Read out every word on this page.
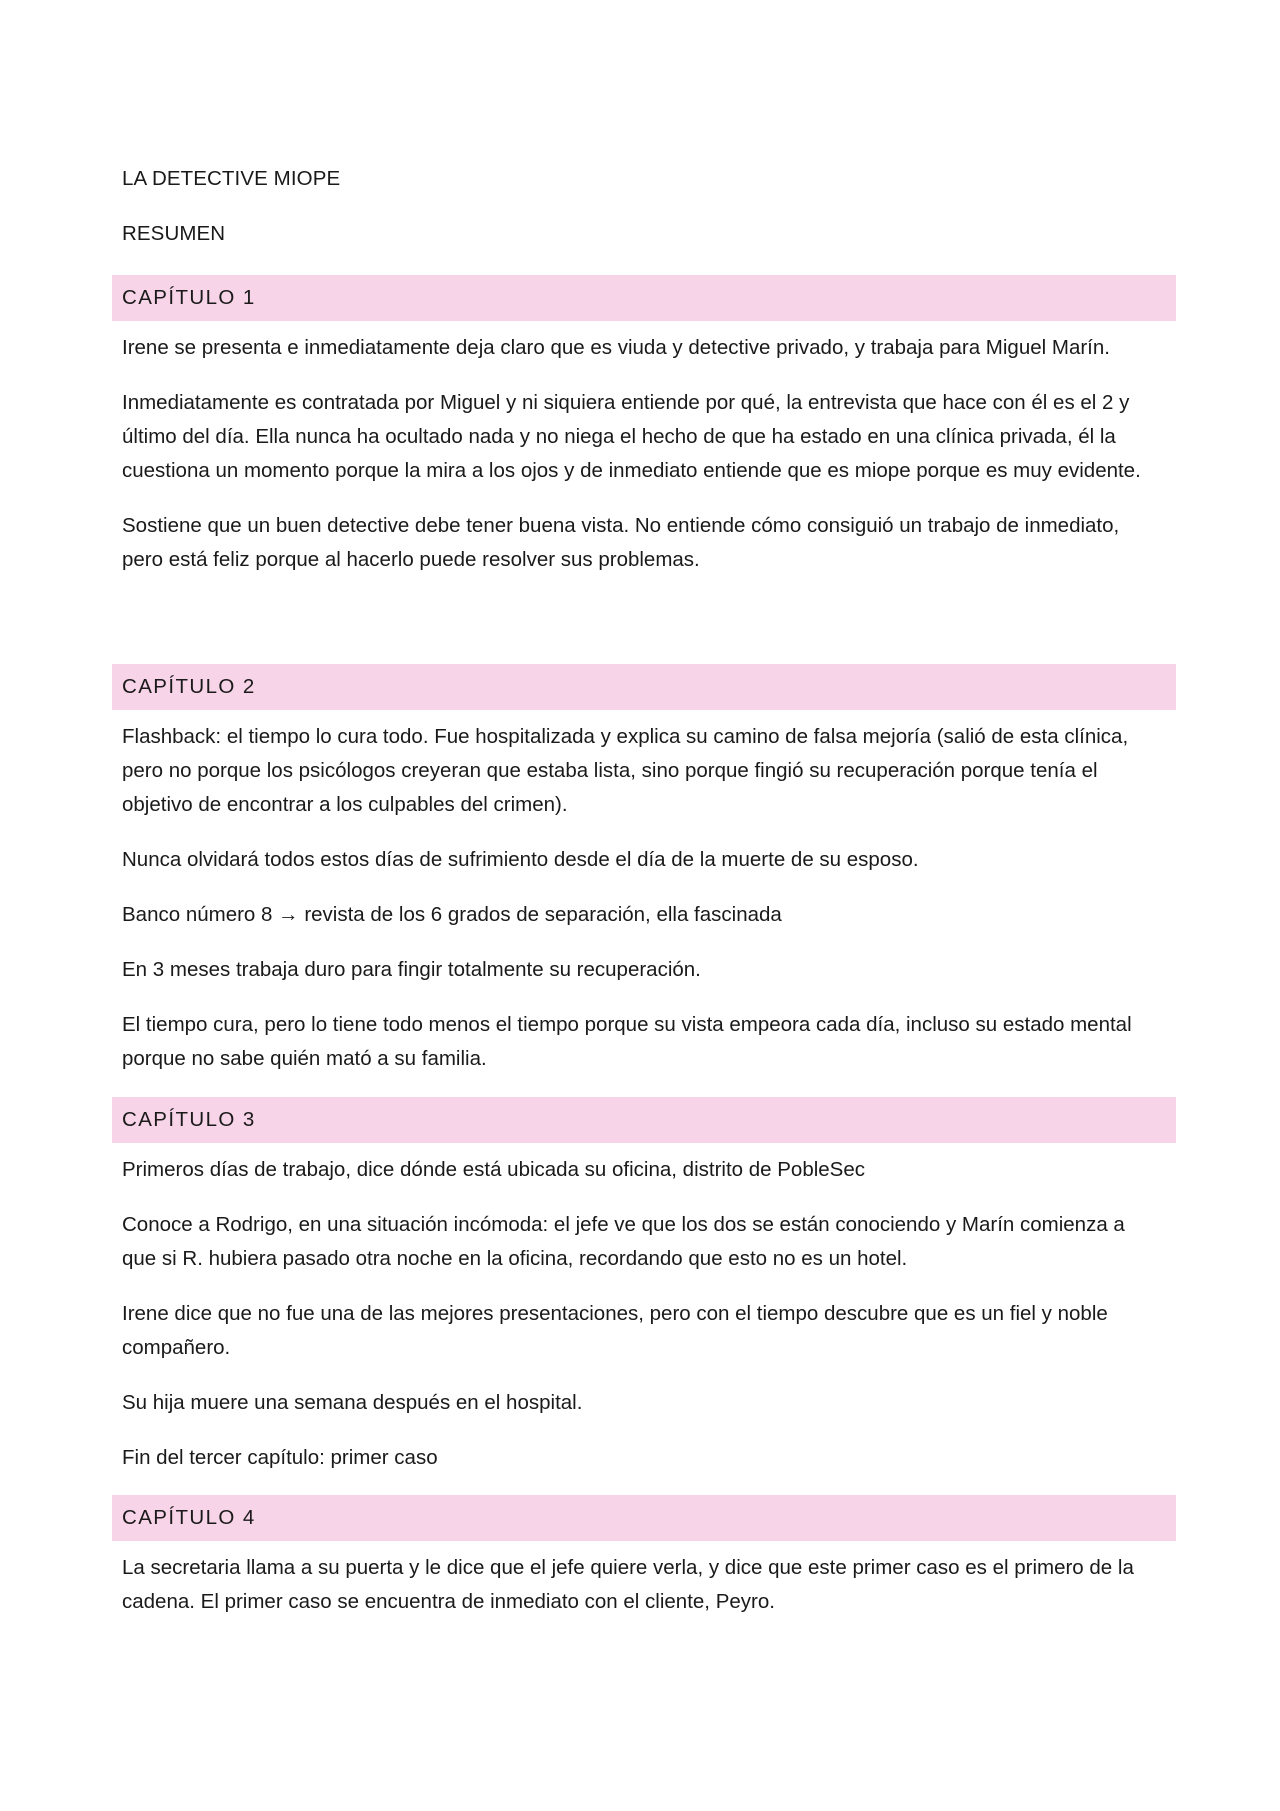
LA DETECTIVE MIOPE
RESUMEN
CAPÍTULO 1

Irene se presenta e inmediatamente deja claro que es viuda y detective privado, y trabaja para Miguel Marín.

Inmediatamente es contratada por Miguel y ni siquiera entiende por qué, la entrevista que hace con él es el 2 y último del día. Ella nunca ha ocultado nada y no niega el hecho de que ha estado en una clínica privada, él la cuestiona un momento porque la mira a los ojos y de inmediato entiende que es miope porque es muy evidente.

Sostiene que un buen detective debe tener buena vista. No entiende cómo consiguió un trabajo de inmediato, pero está feliz porque al hacerlo puede resolver sus problemas.

CAPÍTULO 2

Flashback: el tiempo lo cura todo. Fue hospitalizada y explica su camino de falsa mejoría (salió de esta clínica, pero no porque los psicólogos creyeran que estaba lista, sino porque fingió su recuperación porque tenía el objetivo de encontrar a los culpables del crimen).

Nunca olvidará todos estos días de sufrimiento desde el día de la muerte de su esposo.

Banco número 8 → revista de los 6 grados de separación, ella fascinada

En 3 meses trabaja duro para fingir totalmente su recuperación.

El tiempo cura, pero lo tiene todo menos el tiempo porque su vista empeora cada día, incluso su estado mental porque no sabe quién mató a su familia.

CAPÍTULO 3

Primeros días de trabajo, dice dónde está ubicada su oficina, distrito de PobleSec

Conoce a Rodrigo, en una situación incómoda: el jefe ve que los dos se están conociendo y Marín comienza a que si R. hubiera pasado otra noche en la oficina, recordando que esto no es un hotel.

Irene dice que no fue una de las mejores presentaciones, pero con el tiempo descubre que es un fiel y noble compañero.

Su hija muere una semana después en el hospital.

Fin del tercer capítulo: primer caso

CAPÍTULO 4

La secretaria llama a su puerta y le dice que el jefe quiere verla, y dice que este primer caso es el primero de la cadena. El primer caso se encuentra de inmediato con el cliente, Peyro.
